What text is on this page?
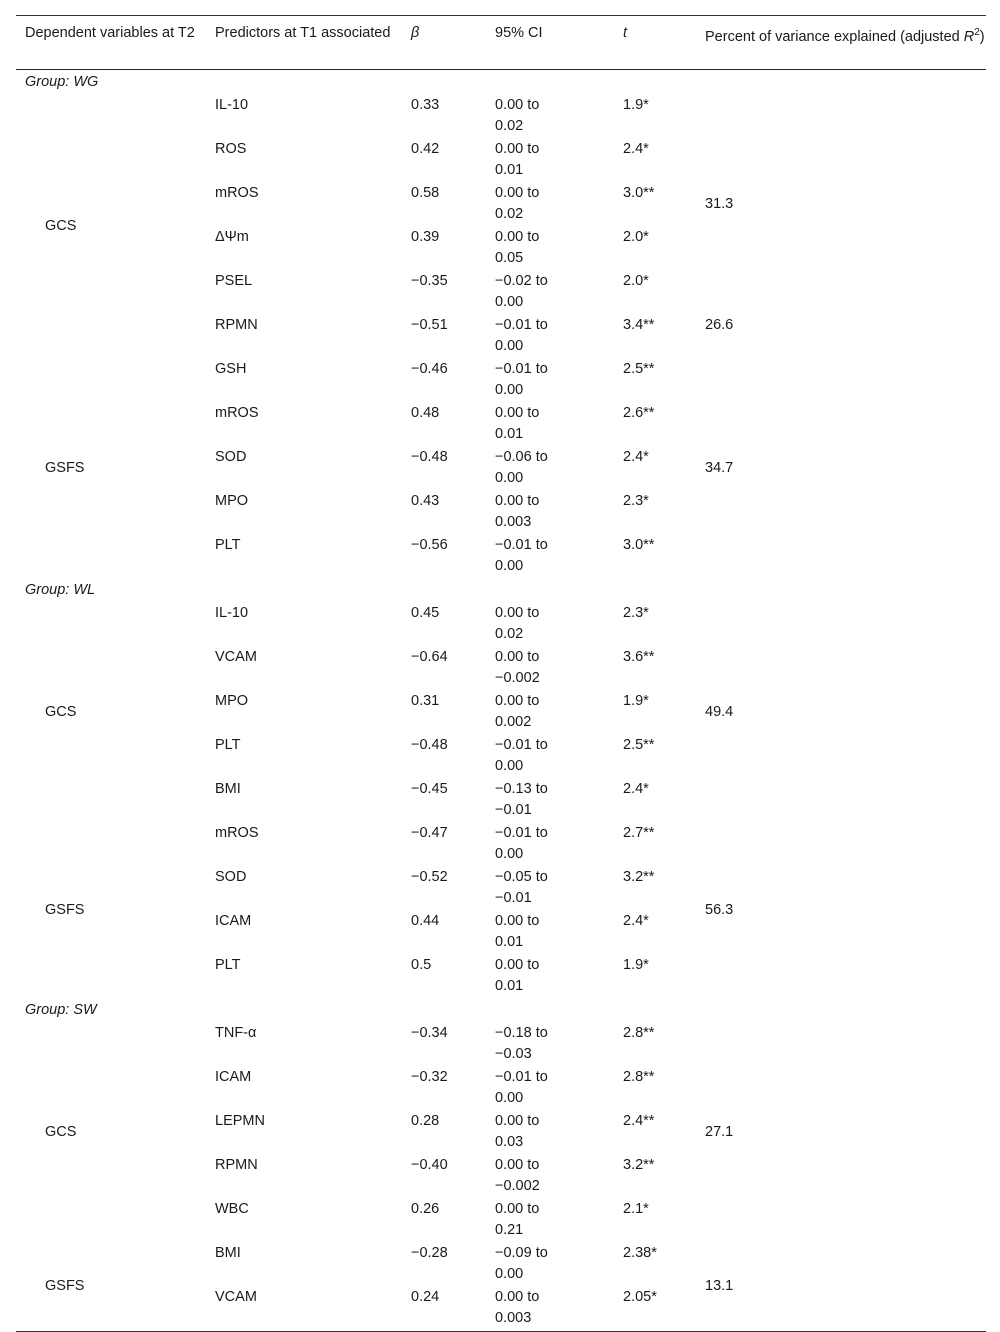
Dependent variables at T2	Predictors at T1 associated	β	95% CI	t	Percent of variance explained (adjusted $R^2$)
Group: WG					
GCS	IL-10	0.33	0.00 to 0.02	1.9*	31.3
	ROS	0.42	0.00 to 0.01	2.4*	
	mROS	0.58	0.00 to 0.02	3.0**	
	ΔΨm	0.39	0.00 to 0.05	2.0*	
	PSEL	−0.35	−0.02 to 0.00	2.0*	
	RPMN	−0.51	−0.01 to 0.00	3.4**	26.6
GSFS	GSH	−0.46	−0.01 to 0.00	2.5**	34.7
	mROS	0.48	0.00 to 0.01	2.6**	
	SOD	−0.48	−0.06 to 0.00	2.4*	
	MPO	0.43	0.00 to 0.003	2.3*	
	PLT	−0.56	−0.01 to 0.00	3.0**	
Group: WL					
GCS	IL-10	0.45	0.00 to 0.02	2.3*	49.4
	VCAM	−0.64	0.00 to −0.002	3.6**	
	MPO	0.31	0.00 to 0.002	1.9*	
	PLT	−0.48	−0.01 to 0.00	2.5**	
	BMI	−0.45	−0.13 to −0.01	2.4*	
GSFS	mROS	−0.47	−0.01 to 0.00	2.7**	56.3
	SOD	−0.52	−0.05 to −0.01	3.2**	
	ICAM	0.44	0.00 to 0.01	2.4*	
	PLT	0.5	0.00 to 0.01	1.9*	
Group: SW					
GCS	TNF-α	−0.34	−0.18 to −0.03	2.8**	27.1
	ICAM	−0.32	−0.01 to 0.00	2.8**	
	LEPMN	0.28	0.00 to 0.03	2.4**	
	RPMN	−0.40	0.00 to −0.002	3.2**	
	WBC	0.26	0.00 to 0.21	2.1*	
GSFS	BMI	−0.28	−0.09 to 0.00	2.38*	13.1
	VCAM	0.24	0.00 to 0.003	2.05*	
